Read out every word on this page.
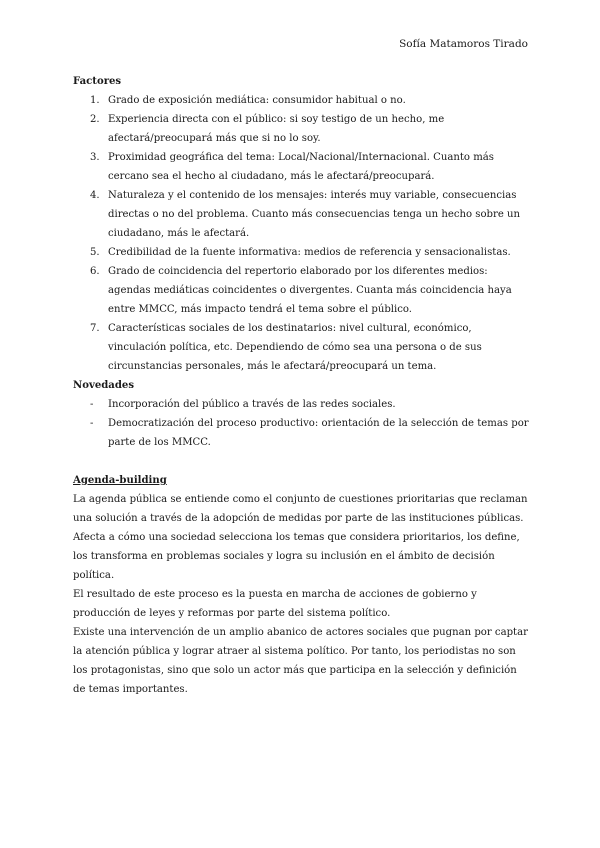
Sofía Matamoros Tirado

Factores

1. Grado de exposición mediática: consumidor habitual o no.
2. Experiencia directa con el público: si soy testigo de un hecho, me afectará/preocupará más que si no lo soy.
3. Proximidad geográfica del tema: Local/Nacional/Internacional. Cuanto más cercano sea el hecho al ciudadano, más le afectará/preocupará.
4. Naturaleza y el contenido de los mensajes: interés muy variable, consecuencias directas o no del problema. Cuanto más consecuencias tenga un hecho sobre un ciudadano, más le afectará.
5. Credibilidad de la fuente informativa: medios de referencia y sensacionalistas.
6. Grado de coincidencia del repertorio elaborado por los diferentes medios: agendas mediáticas coincidentes o divergentes. Cuanta más coincidencia haya entre MMCC, más impacto tendrá el tema sobre el público.
7. Características sociales de los destinatarios: nivel cultural, económico, vinculación política, etc. Dependiendo de cómo sea una persona o de sus circunstancias personales, más le afectará/preocupará un tema.

Novedades

-	Incorporación del público a través de las redes sociales.
-	Democratización del proceso productivo: orientación de la selección de temas por parte de los MMCC.

Agenda-building

La agenda pública se entiende como el conjunto de cuestiones prioritarias que reclaman una solución a través de la adopción de medidas por parte de las instituciones públicas.

Afecta a cómo una sociedad selecciona los temas que considera prioritarios, los define, los transforma en problemas sociales y logra su inclusión en el ámbito de decisión política.

El resultado de este proceso es la puesta en marcha de acciones de gobierno y producción de leyes y reformas por parte del sistema político.

Existe una intervención de un amplio abanico de actores sociales que pugnan por captar la atención pública y lograr atraer al sistema político. Por tanto, los periodistas no son los protagonistas, sino que solo un actor más que participa en la selección y definición de temas importantes.
